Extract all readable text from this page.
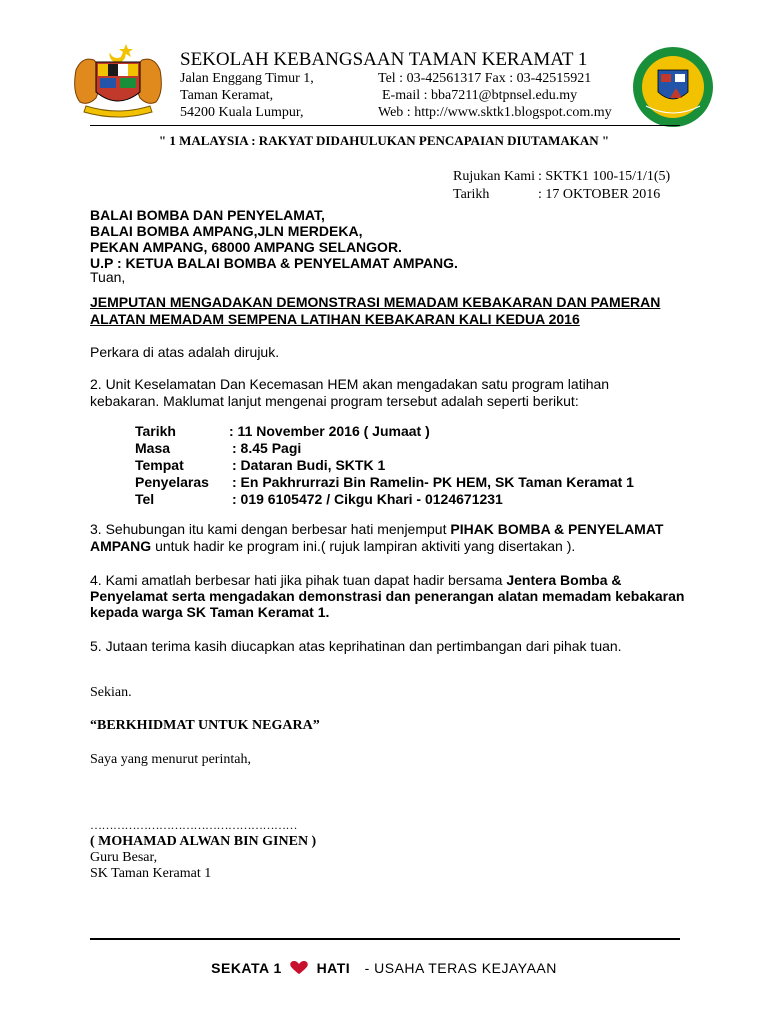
SEKOLAH KEBANGSAAN TAMAN KERAMAT 1
Jalan Enggang Timur 1,
Taman Keramat,
54200 Kuala Lumpur,
Tel : 03-42561317 Fax : 03-42515921
E-mail : bba7211@btpnsel.edu.my
Web : http://www.sktk1.blogspot.com.my
" 1 MALAYSIA : RAKYAT DIDAHULUKAN PENCAPAIAN DIUTAMAKAN "
Rujukan Kami : SKTK1 100-15/1/1(5)
Tarikh	: 17 OKTOBER 2016
BALAI BOMBA DAN PENYELAMAT,
BALAI BOMBA AMPANG,JLN MERDEKA,
PEKAN AMPANG, 68000 AMPANG SELANGOR.
U.P : KETUA BALAI BOMBA & PENYELAMAT AMPANG.
Tuan,
JEMPUTAN MENGADAKAN DEMONSTRASI MEMADAM KEBAKARAN DAN PAMERAN
ALATAN MEMADAM SEMPENA LATIHAN KEBAKARAN KALI KEDUA 2016
Perkara di atas adalah dirujuk.
2. Unit Keselamatan Dan Kecemasan HEM akan mengadakan satu program latihan
kebakaran. Maklumat lanjut mengenai program tersebut adalah seperti berikut:
Tarikh
Masa
Tempat
Penyelaras
Tel
: 11 November 2016 ( Jumaat )
: 8.45 Pagi
: Dataran Budi, SKTK 1
: En Pakhrurrazi Bin Ramelin- PK HEM, SK Taman Keramat 1
: 019 6105472 / Cikgu Khari - 0124671231
3. Sehubungan itu kami dengan berbesar hati menjemput PIHAK BOMBA & PENYELAMAT
AMPANG untuk hadir ke program ini.( rujuk lampiran aktiviti yang disertakan ).
4. Kami amatlah berbesar hati jika pihak tuan dapat hadir bersama Jentera Bomba &
Penyelamat serta mengadakan demonstrasi dan penerangan alatan memadam kebakaran
kepada warga SK Taman Keramat 1.
5. Jutaan terima kasih diucapkan atas keprihatinan dan pertimbangan dari pihak tuan.
Sekian.
“BERKHIDMAT UNTUK NEGARA”
Saya yang menurut perintah,
………………………………………………
( MOHAMAD ALWAN BIN GINEN )
Guru Besar,
SK Taman Keramat 1
SEKATA 1 HATI - USAHA TERAS KEJAYAAN
